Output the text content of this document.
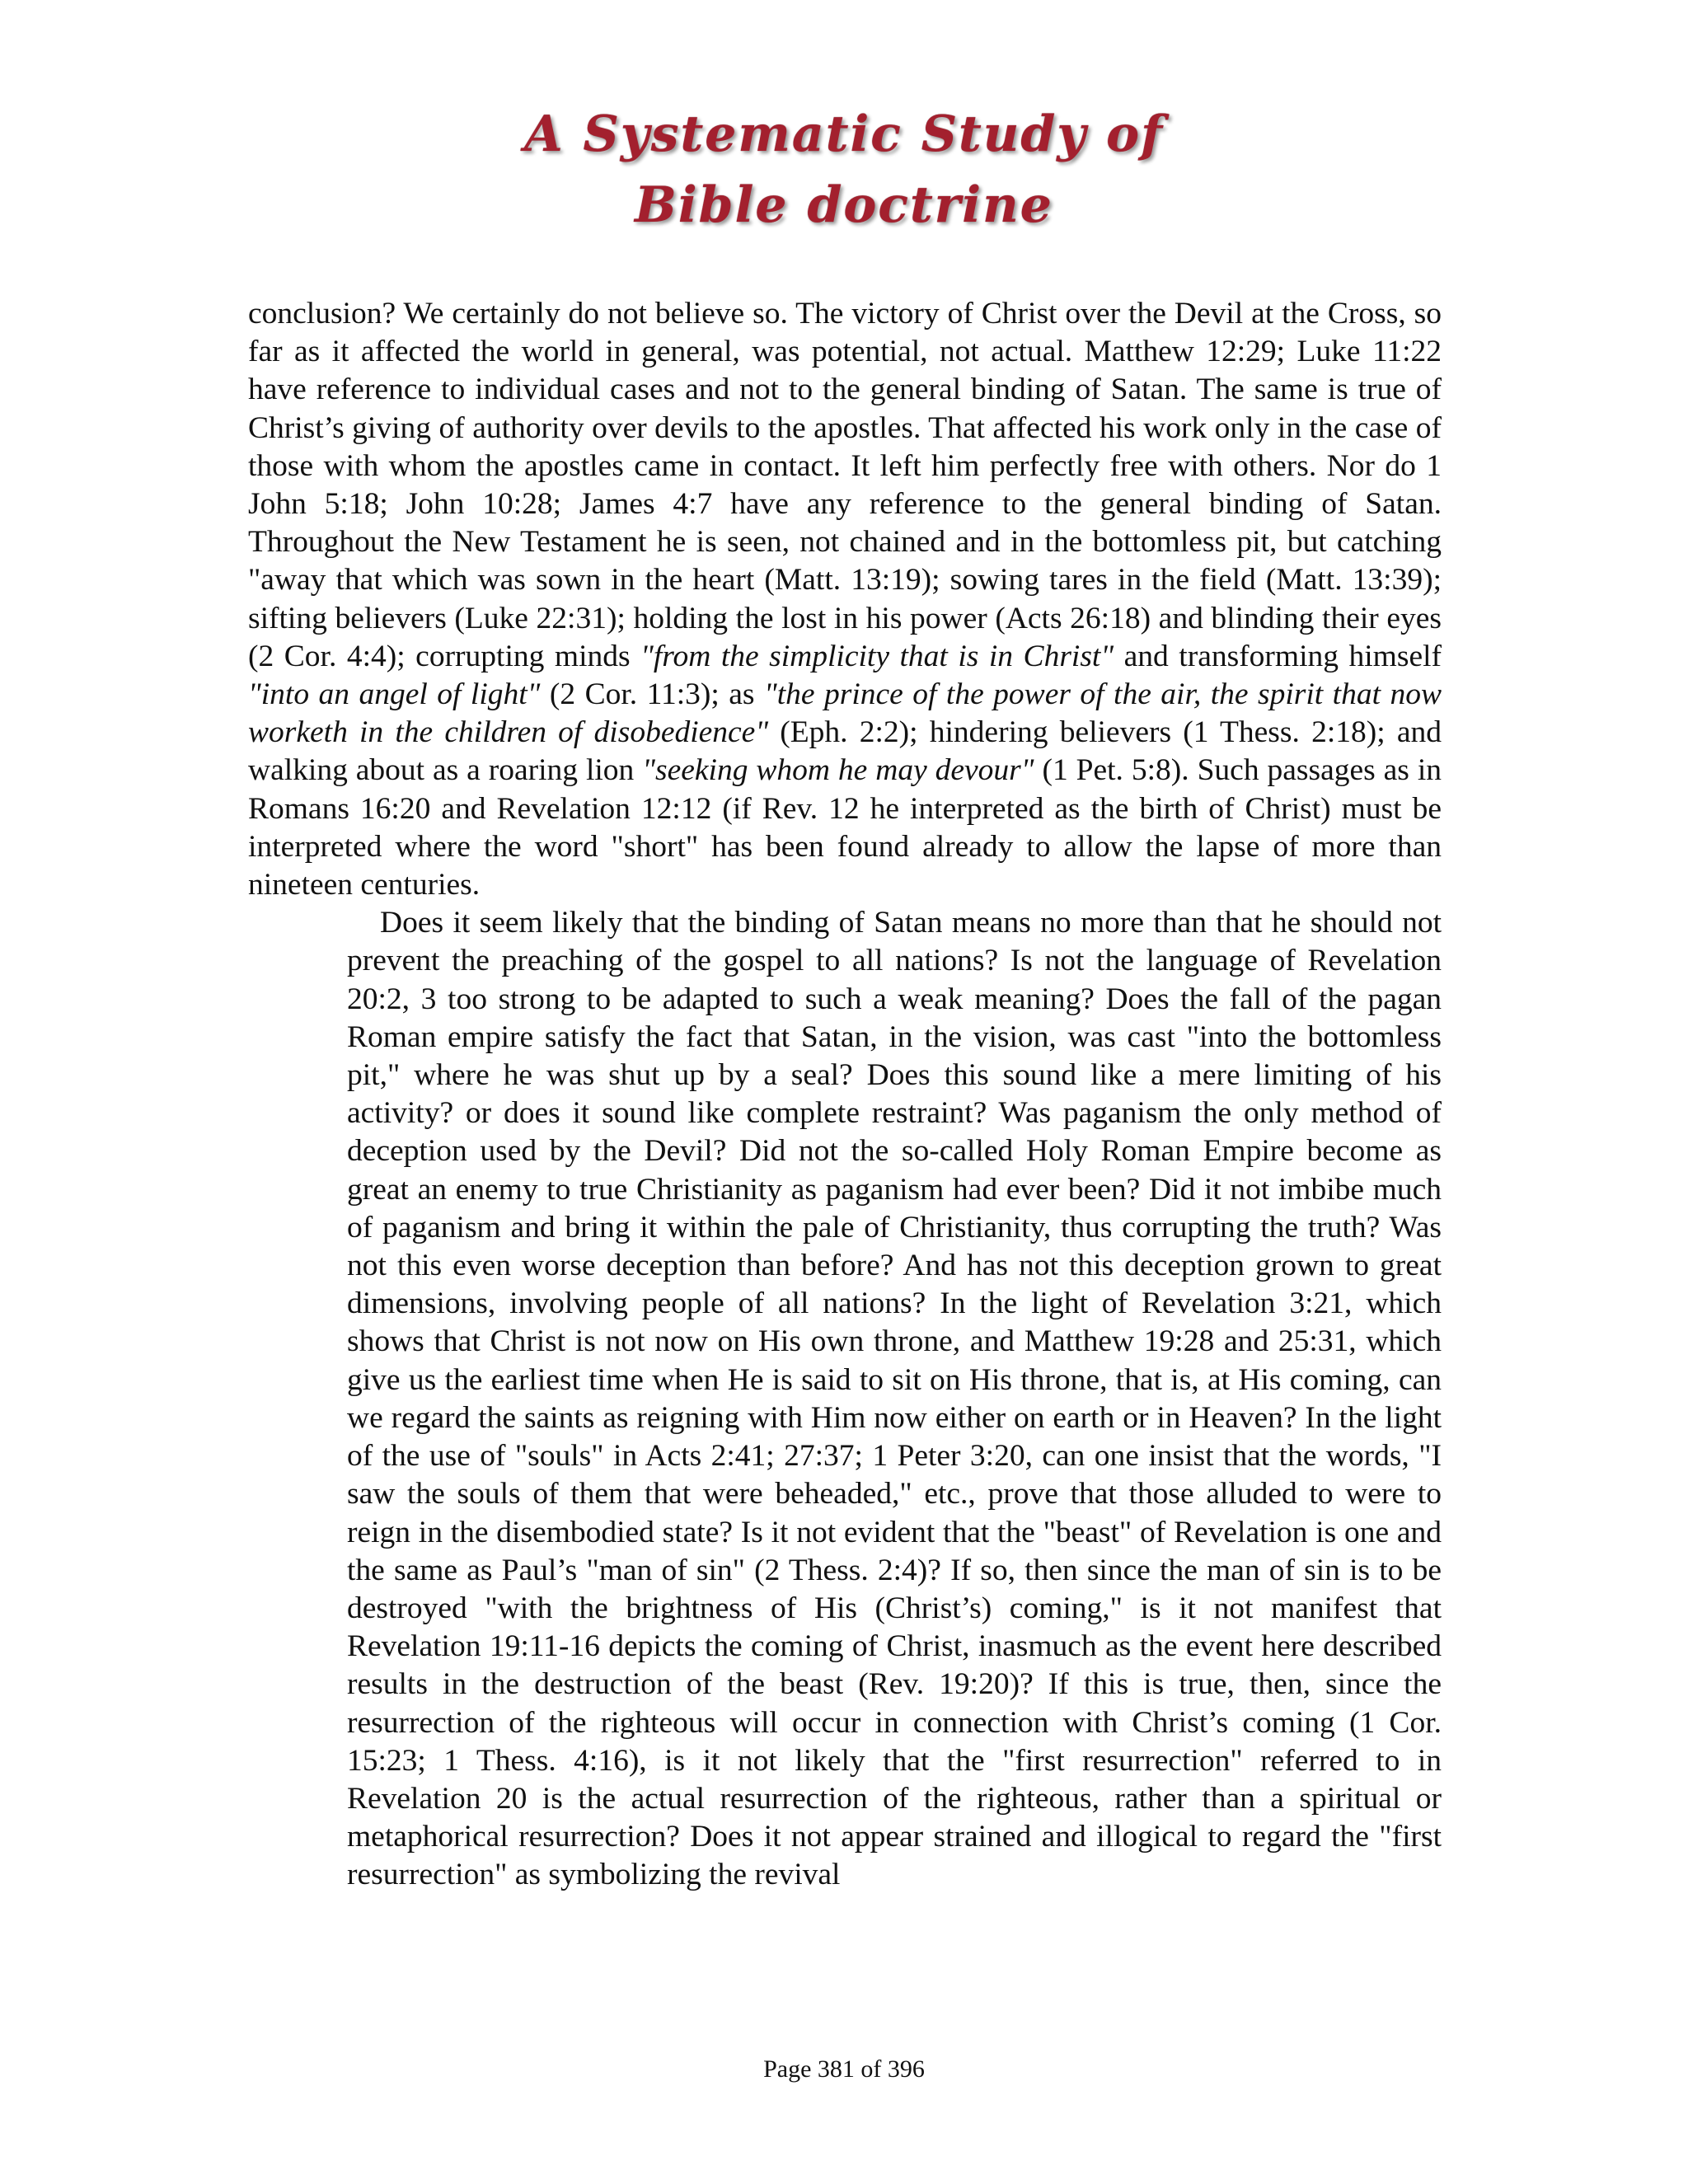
A Systematic Study of
Bible doctrine

conclusion? We certainly do not believe so. The victory of Christ over the Devil at the Cross, so far as it affected the world in general, was potential, not actual. Matthew 12:29; Luke 11:22 have reference to individual cases and not to the general binding of Satan. The same is true of Christ’s giving of authority over devils to the apostles. That affected his work only in the case of those with whom the apostles came in contact. It left him perfectly free with others. Nor do 1 John 5:18; John 10:28; James 4:7 have any reference to the general binding of Satan. Throughout the New Testament he is seen, not chained and in the bottomless pit, but catching "away that which was sown in the heart (Matt. 13:19); sowing tares in the field (Matt. 13:39); sifting believers (Luke 22:31); holding the lost in his power (Acts 26:18) and blinding their eyes (2 Cor. 4:4); corrupting minds "from the simplicity that is in Christ" and transforming himself "into an angel of light" (2 Cor. 11:3); as "the prince of the power of the air, the spirit that now worketh in the children of disobedience" (Eph. 2:2); hindering believers (1 Thess. 2:18); and walking about as a roaring lion "seeking whom he may devour" (1 Pet. 5:8). Such passages as in Romans 16:20 and Revelation 12:12 (if Rev. 12 he interpreted as the birth of Christ) must be interpreted where the word "short" has been found already to allow the lapse of more than nineteen centuries.

Does it seem likely that the binding of Satan means no more than that he should not prevent the preaching of the gospel to all nations? Is not the language of Revelation 20:2, 3 too strong to be adapted to such a weak meaning? Does the fall of the pagan Roman empire satisfy the fact that Satan, in the vision, was cast "into the bottomless pit," where he was shut up by a seal? Does this sound like a mere limiting of his activity? or does it sound like complete restraint? Was paganism the only method of deception used by the Devil? Did not the so-called Holy Roman Empire become as great an enemy to true Christianity as paganism had ever been? Did it not imbibe much of paganism and bring it within the pale of Christianity, thus corrupting the truth? Was not this even worse deception than before? And has not this deception grown to great dimensions, involving people of all nations? In the light of Revelation 3:21, which shows that Christ is not now on His own throne, and Matthew 19:28 and 25:31, which give us the earliest time when He is said to sit on His throne, that is, at His coming, can we regard the saints as reigning with Him now either on earth or in Heaven? In the light of the use of "souls" in Acts 2:41; 27:37; 1 Peter 3:20, can one insist that the words, "I saw the souls of them that were beheaded," etc., prove that those alluded to were to reign in the disembodied state? Is it not evident that the "beast" of Revelation is one and the same as Paul’s "man of sin" (2 Thess. 2:4)? If so, then since the man of sin is to be destroyed "with the brightness of His (Christ’s) coming," is it not manifest that Revelation 19:11-16 depicts the coming of Christ, inasmuch as the event here described results in the destruction of the beast (Rev. 19:20)? If this is true, then, since the resurrection of the righteous will occur in connection with Christ’s coming (1 Cor. 15:23; 1 Thess. 4:16), is it not likely that the "first resurrection" referred to in Revelation 20 is the actual resurrection of the righteous, rather than a spiritual or metaphorical resurrection? Does it not appear strained and illogical to regard the "first resurrection" as symbolizing the revival

Page 381 of 396
